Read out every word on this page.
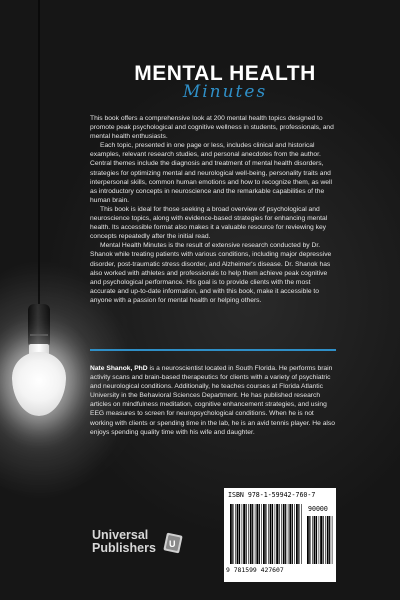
MENTAL HEALTH
Minutes

This book offers a comprehensive look at 200 mental health topics designed to promote peak psychological and cognitive wellness in students, professionals, and mental health enthusiasts.

Each topic, presented in one page or less, includes clinical and historical examples, relevant research studies, and personal anecdotes from the author. Central themes include the diagnosis and treatment of mental health disorders, strategies for optimizing mental and neurological well-being, personality traits and interpersonal skills, common human emotions and how to recognize them, as well as introductory concepts in neuroscience and the remarkable capabilities of the human brain.

This book is ideal for those seeking a broad overview of psychological and neuroscience topics, along with evidence-based strategies for enhancing mental health. Its accessible format also makes it a valuable resource for reviewing key concepts repeatedly after the initial read.

Mental Health Minutes is the result of extensive research conducted by Dr. Shanok while treating patients with various conditions, including major depressive disorder, post-traumatic stress disorder, and Alzheimer's disease. Dr. Shanok has also worked with athletes and professionals to help them achieve peak cognitive and psychological performance. His goal is to provide clients with the most accurate and up-to-date information, and with this book, make it accessible to anyone with a passion for mental health or helping others.

Nate Shanok, PhD is a neuroscientist located in South Florida. He performs brain activity scans and brain-based therapeutics for clients with a variety of psychiatric and neurological conditions. Additionally, he teaches courses at Florida Atlantic University in the Behavioral Sciences Department. He has published research articles on mindfulness meditation, cognitive enhancement strategies, and using EEG measures to screen for neuropsychological conditions. When he is not working with clients or spending time in the lab, he is an avid tennis player. He also enjoys spending quality time with his wife and daughter.
Universal
Publishers U
ISBN 978-1-59942-760-7
90000
9 781599 427607
